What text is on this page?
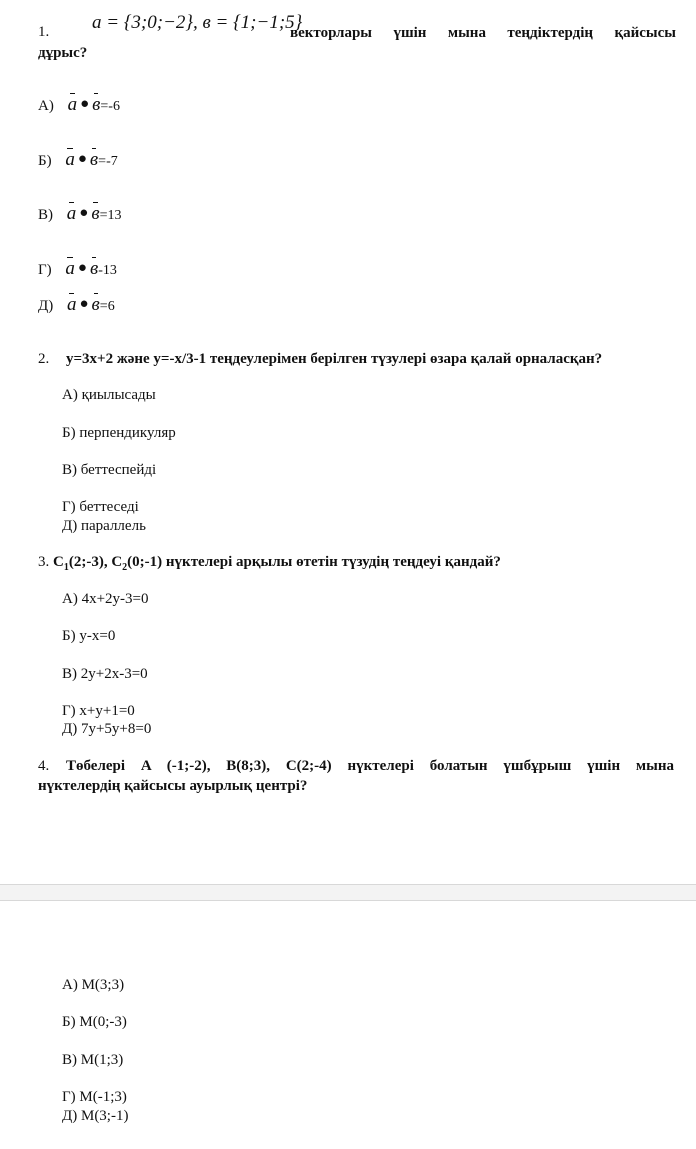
1. a = {3;0;−2}, в = {1;−1;5}
векторлары үшін мына теңдіктердің қайсысы
дұрыс?
А) a ● в=-6
Б) a ● в=-7
В) a ● в=13
Г) a ● в-13
Д) a ● в=6
2. y=3x+2 және y=-x/3-1 теңдеулерімен берілген түзулері өзара қалай орналасқан?
А) қиылысады
Б) перпендикуляр
В) беттеспейді
Г) беттеседі
Д) параллель
3. $C_1(2;-3)$, $C_2(0;-1)$ нүктелері арқылы өтетін түзудің теңдеуі қандай?
А) 4x+2y-3=0
Б) y-x=0
В) 2y+2x-3=0
Г) x+y+1=0
Д) 7y+5y+8=0
4. Төбелері A (-1;-2), B(8;3), C(2;-4) нүктелері болатын үшбұрыш үшін мына
нүктелердің қайсысы ауырлық центрі?
А) M(3;3)
Б) M(0;-3)
В) M(1;3)
Г) M(-1;3)
Д) M(3;-1)
